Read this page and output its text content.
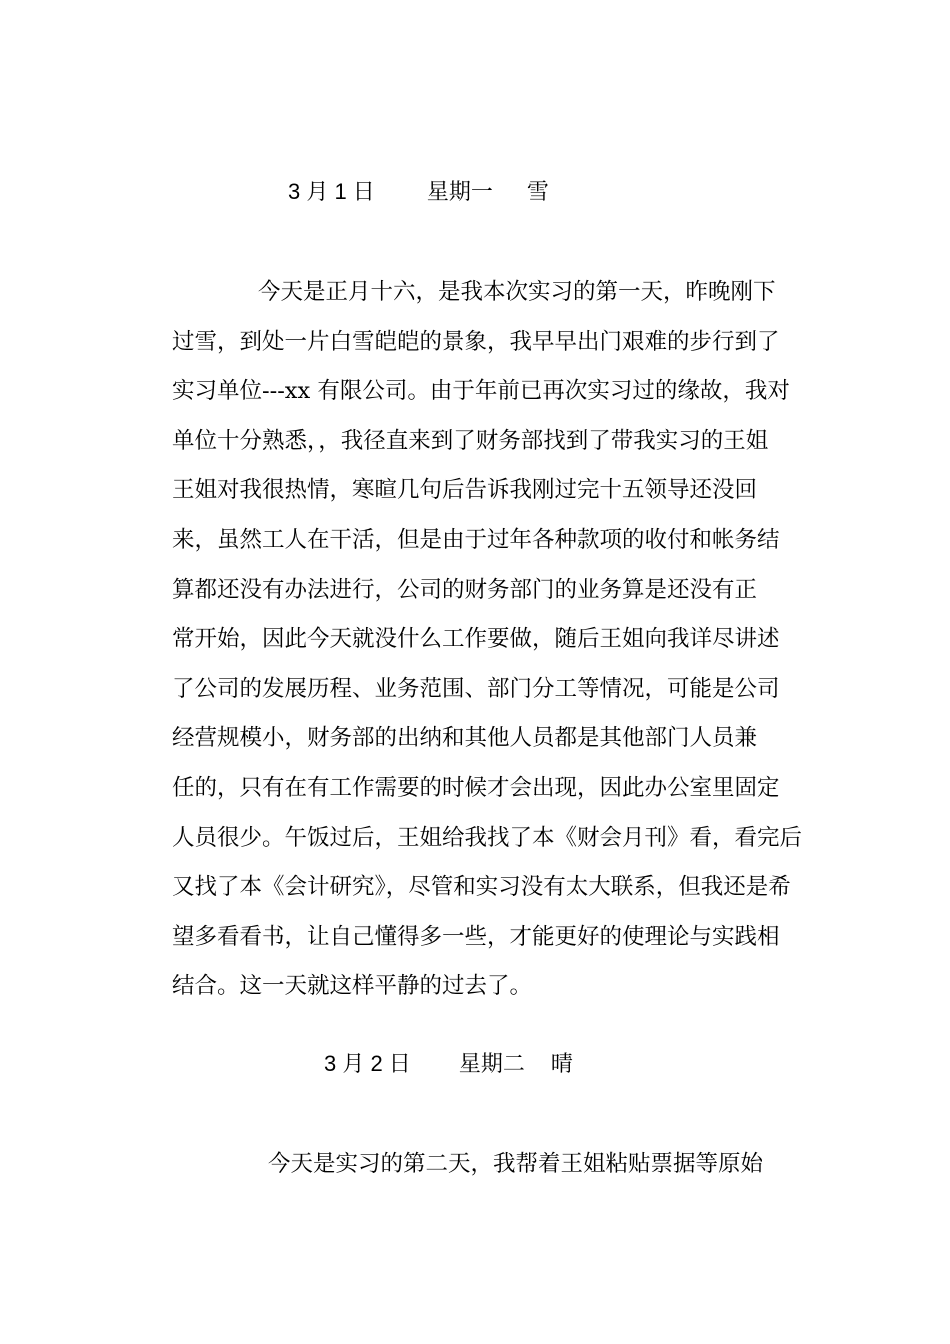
3 月 1 日 星期一 雪
今天是正月十六，是我本次实习的第一天，昨晚刚下
过雪，到处一片白雪皑皑的景象，我早早出门艰难的步行到了
实习单位---xx 有限公司。由于年前已再次实习过的缘故，我对
单位十分熟悉，，我径直来到了财务部找到了带我实习的王姐
王姐对我很热情，寒暄几句后告诉我刚过完十五领导还没回
来，虽然工人在干活，但是由于过年各种款项的收付和帐务结
算都还没有办法进行，公司的财务部门的业务算是还没有正
常开始，因此今天就没什么工作要做，随后王姐向我详尽讲述
了公司的发展历程、业务范围、部门分工等情况，可能是公司
经营规模小，财务部的出纳和其他人员都是其他部门人员兼
任的，只有在有工作需要的时候才会出现，因此办公室里固定
人员很少。午饭过后，王姐给我找了本《财会月刊》看，看完后
又找了本《会计研究》，尽管和实习没有太大联系，但我还是希
望多看看书，让自己懂得多一些，才能更好的使理论与实践相
结合。这一天就这样平静的过去了。
3 月 2 日 星期二 晴
今天是实习的第二天，我帮着王姐粘贴票据等原始
